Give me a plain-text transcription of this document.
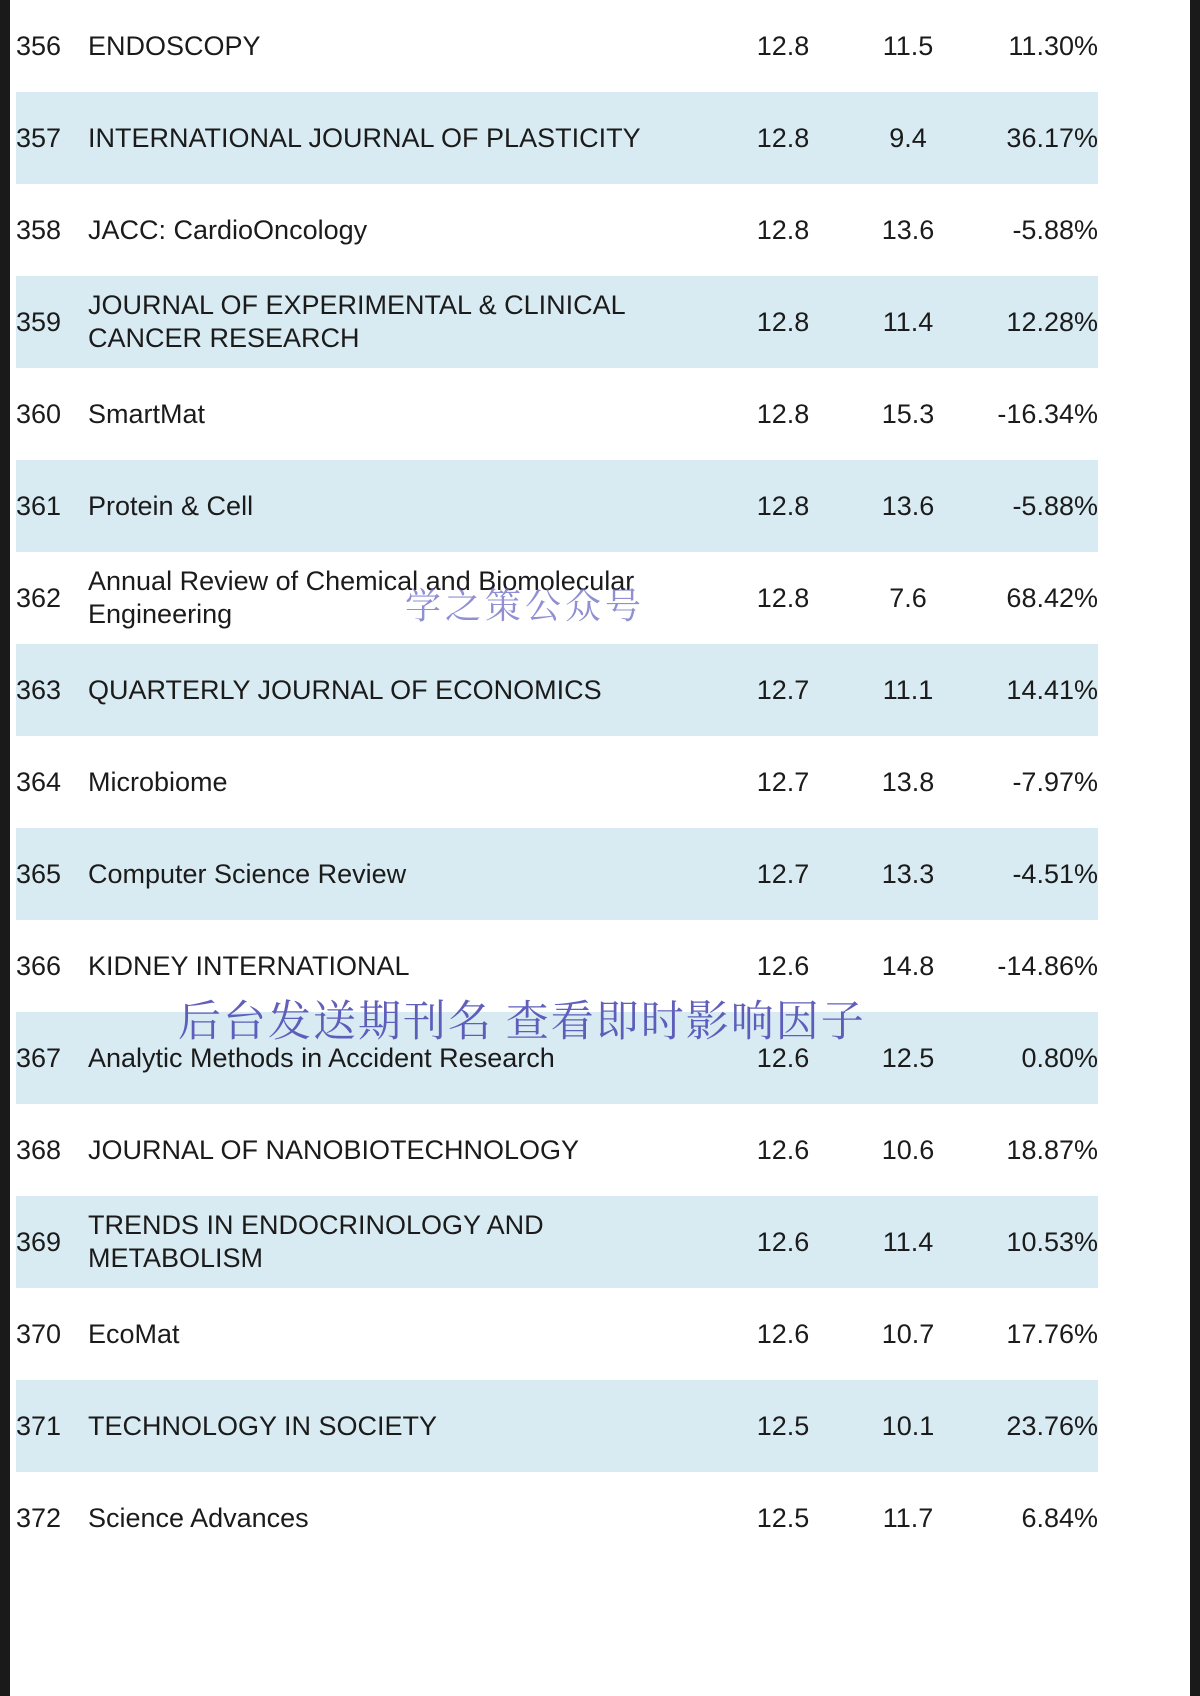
356	ENDOSCOPY	12.8	11.5	11.30%
357	INTERNATIONAL JOURNAL OF PLASTICITY	12.8	9.4	36.17%
358	JACC: CardioOncology	12.8	13.6	-5.88%
359	JOURNAL OF EXPERIMENTAL & CLINICAL CANCER RESEARCH	12.8	11.4	12.28%
360	SmartMat	12.8	15.3	-16.34%
361	Protein & Cell	12.8	13.6	-5.88%
362	Annual Review of Chemical and Biomolecular Engineering	12.8	7.6	68.42%
363	QUARTERLY JOURNAL OF ECONOMICS	12.7	11.1	14.41%
364	Microbiome	12.7	13.8	-7.97%
365	Computer Science Review	12.7	13.3	-4.51%
366	KIDNEY INTERNATIONAL	12.6	14.8	-14.86%
367	Analytic Methods in Accident Research	12.6	12.5	0.80%
368	JOURNAL OF NANOBIOTECHNOLOGY	12.6	10.6	18.87%
369	TRENDS IN ENDOCRINOLOGY AND METABOLISM	12.6	11.4	10.53%
370	EcoMat	12.6	10.7	17.76%
371	TECHNOLOGY IN SOCIETY	12.5	10.1	23.76%
372	Science Advances	12.5	11.7	6.84%
学之策公众号
后台发送期刊名 查看即时影响因子
